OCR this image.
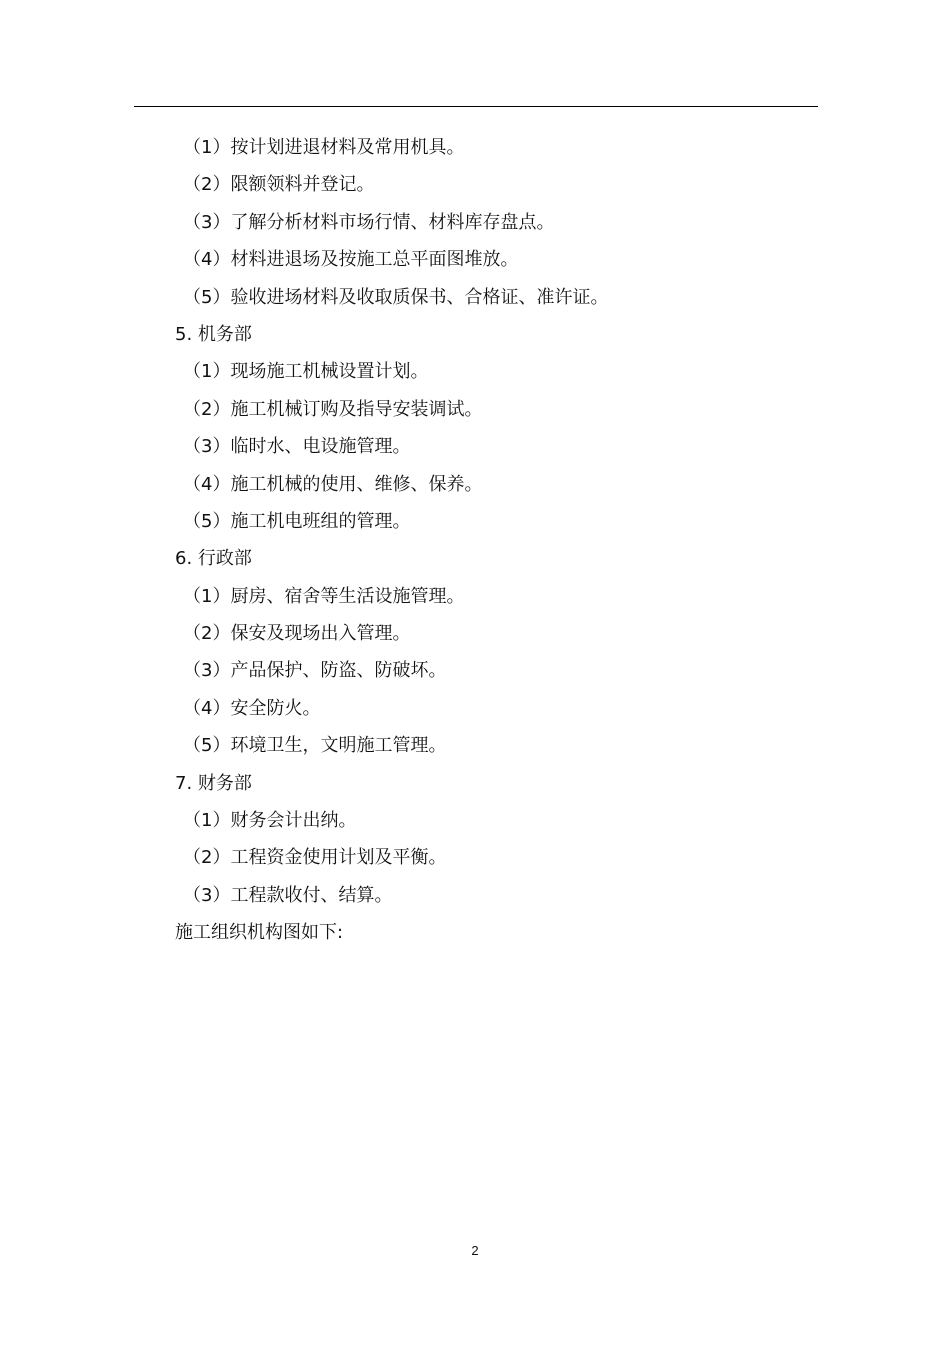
（1）按计划进退材料及常用机具。
（2）限额领料并登记。
（3）了解分析材料市场行情、材料库存盘点。
（4）材料进退场及按施工总平面图堆放。
（5）验收进场材料及收取质保书、合格证、准许证。
5. 机务部
（1）现场施工机械设置计划。
（2）施工机械订购及指导安装调试。
（3）临时水、电设施管理。
（4）施工机械的使用、维修、保养。
（5）施工机电班组的管理。
6. 行政部
（1）厨房、宿舍等生活设施管理。
（2）保安及现场出入管理。
（3）产品保护、防盗、防破坏。
（4）安全防火。
（5）环境卫生，文明施工管理。
7. 财务部
（1）财务会计出纳。
（2）工程资金使用计划及平衡。
（3）工程款收付、结算。
施工组织机构图如下:
2
